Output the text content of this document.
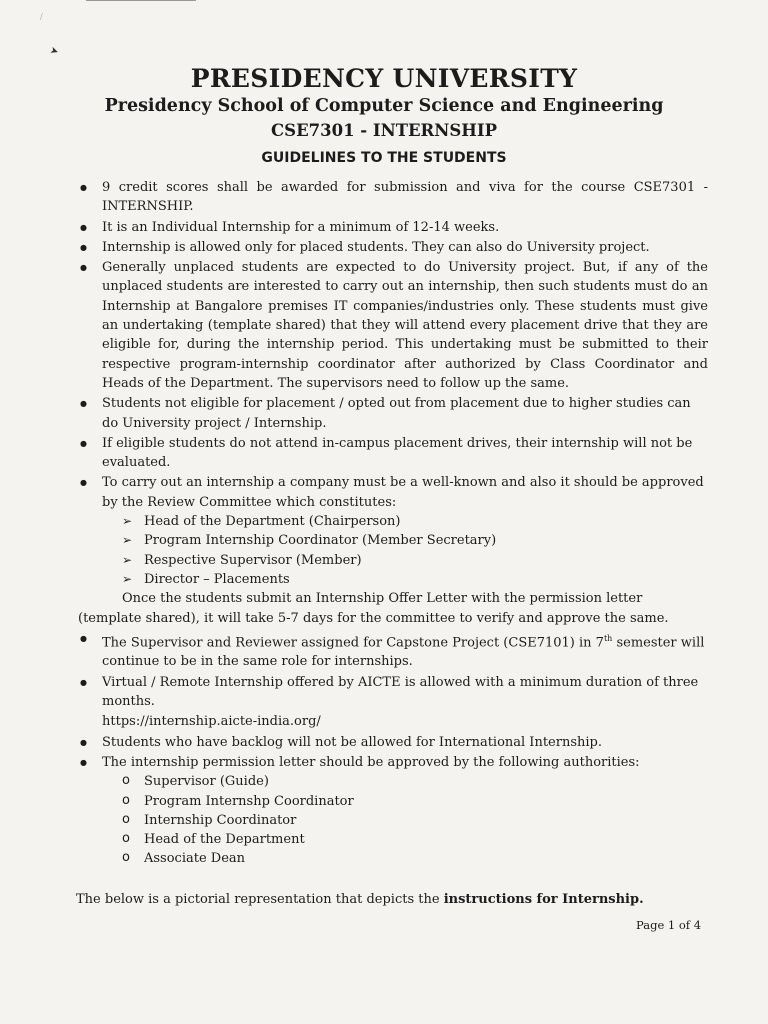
/
➤
PRESIDENCY UNIVERSITY
Presidency School of Computer Science and Engineering
CSE7301 - INTERNSHIP
GUIDELINES TO THE STUDENTS
● 9 credit scores shall be awarded for submission and viva for the course CSE7301 - INTERNSHIP.
● It is an Individual Internship for a minimum of 12-14 weeks.
● Internship is allowed only for placed students. They can also do University project.
● Generally unplaced students are expected to do University project. But, if any of the unplaced students are interested to carry out an internship, then such students must do an Internship at Bangalore premises IT companies/industries only. These students must give an undertaking (template shared) that they will attend every placement drive that they are eligible for, during the internship period. This undertaking must be submitted to their respective program-internship coordinator after authorized by Class Coordinator and Heads of the Department. The supervisors need to follow up the same.
● Students not eligible for placement / opted out from placement due to higher studies can do University project / Internship.
● If eligible students do not attend in-campus placement drives, their internship will not be evaluated.
● To carry out an internship a company must be a well-known and also it should be approved by the Review Committee which constitutes:
➢ Head of the Department (Chairperson)
➢ Program Internship Coordinator (Member Secretary)
➢ Respective Supervisor (Member)
➢ Director – Placements
Once the students submit an Internship Offer Letter with the permission letter (template shared), it will take 5-7 days for the committee to verify and approve the same.
● The Supervisor and Reviewer assigned for Capstone Project (CSE7101) in 7th semester will continue to be in the same role for internships.
● Virtual / Remote Internship offered by AICTE is allowed with a minimum duration of three months.
https://internship.aicte-india.org/
● Students who have backlog will not be allowed for International Internship.
● The internship permission letter should be approved by the following authorities:
o Supervisor (Guide)
o Program Internshp Coordinator
o Internship Coordinator
o Head of the Department
o Associate Dean
The below is a pictorial representation that depicts the instructions for Internship.
Page 1 of 4
